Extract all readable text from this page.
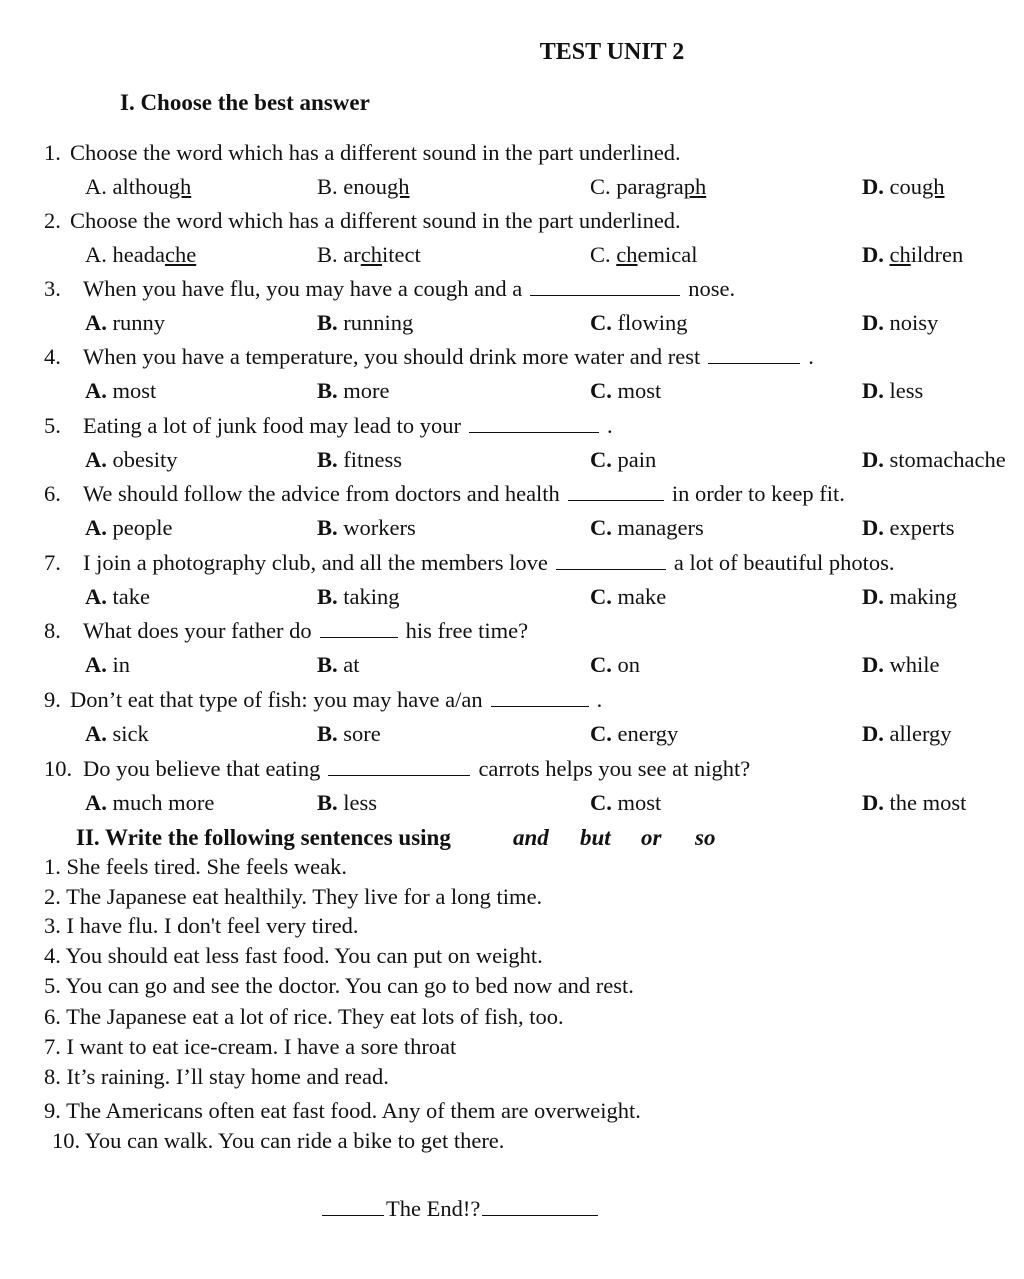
TEST UNIT 2
I. Choose the best answer
1. Choose the word which has a different sound in the part underlined.
A. although	B. enough	C. paragraph	D. cough
2. Choose the word which has a different sound in the part underlined.
A. headache	B. architect	C. chemical	D. children
3. When you have flu, you may have a cough and a	nose.
A. runny	B. running	C. flowing	D. noisy
4. When you have a temperature, you should drink more water and rest	.
A. most	B. more	C. most	D. less
5. Eating a lot of junk food may lead to your	.
A. obesity	B. fitness	C. pain	D. stomachache
6. We should follow the advice from doctors and health	in order to keep fit.
A. people	B. workers	C. managers	D. experts
7. I join a photography club, and all the members love	a lot of beautiful photos.
A. take	B. taking	C. make	D. making
8. What does your father do	his free time?
A. in	B. at	C. on	D. while
9. Don’t eat that type of fish: you may have a/an	.
A. sick	B. sore	C. energy	D. allergy
10. Do you believe that eating	carrots helps you see at night?
A. much more	B. less	C. most	D. the most
II. Write the following sentences using	and but or so
1. She feels tired. She feels weak.
2. The Japanese eat healthily. They live for a long time.
3. I have flu. I don't feel very tired.
4. You should eat less fast food. You can put on weight.
5. You can go and see the doctor. You can go to bed now and rest.
6. The Japanese eat a lot of rice. They eat lots of fish, too.
7. I want to eat ice-cream. I have a sore throat
8. It’s raining. I’ll stay home and read.
9. The Americans often eat fast food. Any of them are overweight.
10. You can walk. You can ride a bike to get there.
The End!?
